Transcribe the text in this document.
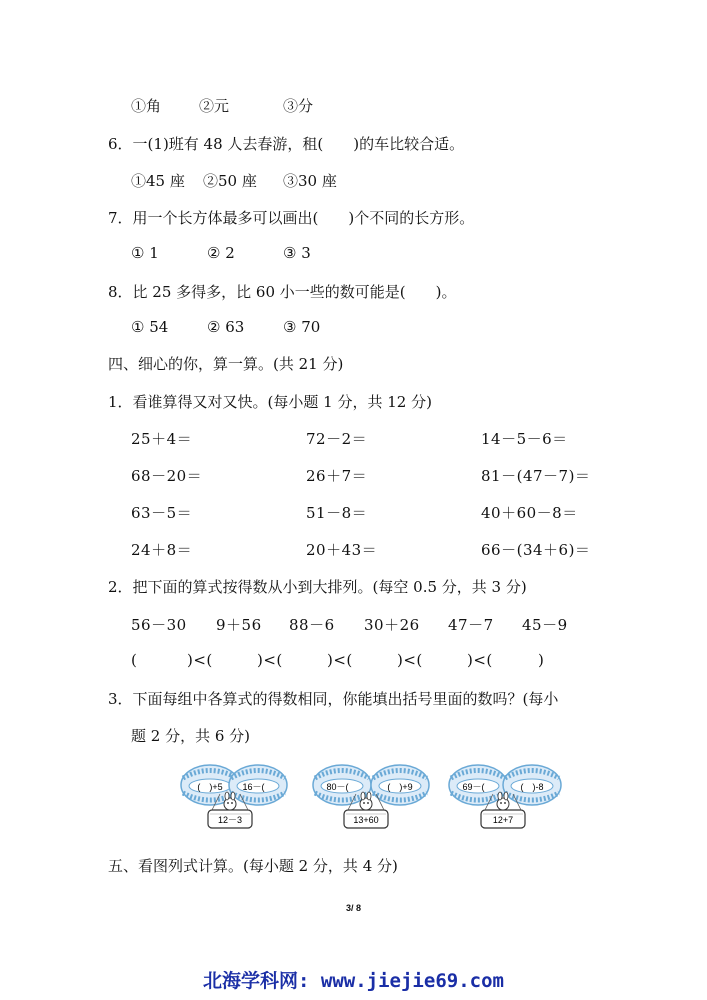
①角	②元	③分
6．一(1)班有 48 人去春游，租(　　)的车比较合适。
①45 座 ②50 座 ③30 座
7．用一个长方体最多可以画出(　　)个不同的长方形。
① 1	② 2	③ 3
8．比 25 多得多，比 60 小一些的数可能是(　　)。
① 54	② 63	③ 70
四、细心的你，算一算。(共 21 分)
1．看谁算得又对又快。(每小题 1 分，共 12 分)
25＋4＝	72－2＝	14－5－6＝
68－20＝	26＋7＝	81－(47－7)＝
63－5＝	51－8＝	40＋60－8＝
24＋8＝	20＋43＝	66－(34＋6)＝
2．把下面的算式按得数从小到大排列。(每空 0.5 分，共 3 分)
56－30 9＋56 88－6 30＋26 47－7 45－9
(	)<(	)<(	)<(	)<(	)<(	)
3．下面每组中各算式的得数相同，你能填出括号里面的数吗？(每小
题 2 分，共 6 分)
(　)+5 16－(　
12－3
80－(　	(　)+9
13+60
69－(　	(　)-8
12+7
五、看图列式计算。(每小题 2 分，共 4 分)
3/ 8
北海学科网: www.jiejie69.com
